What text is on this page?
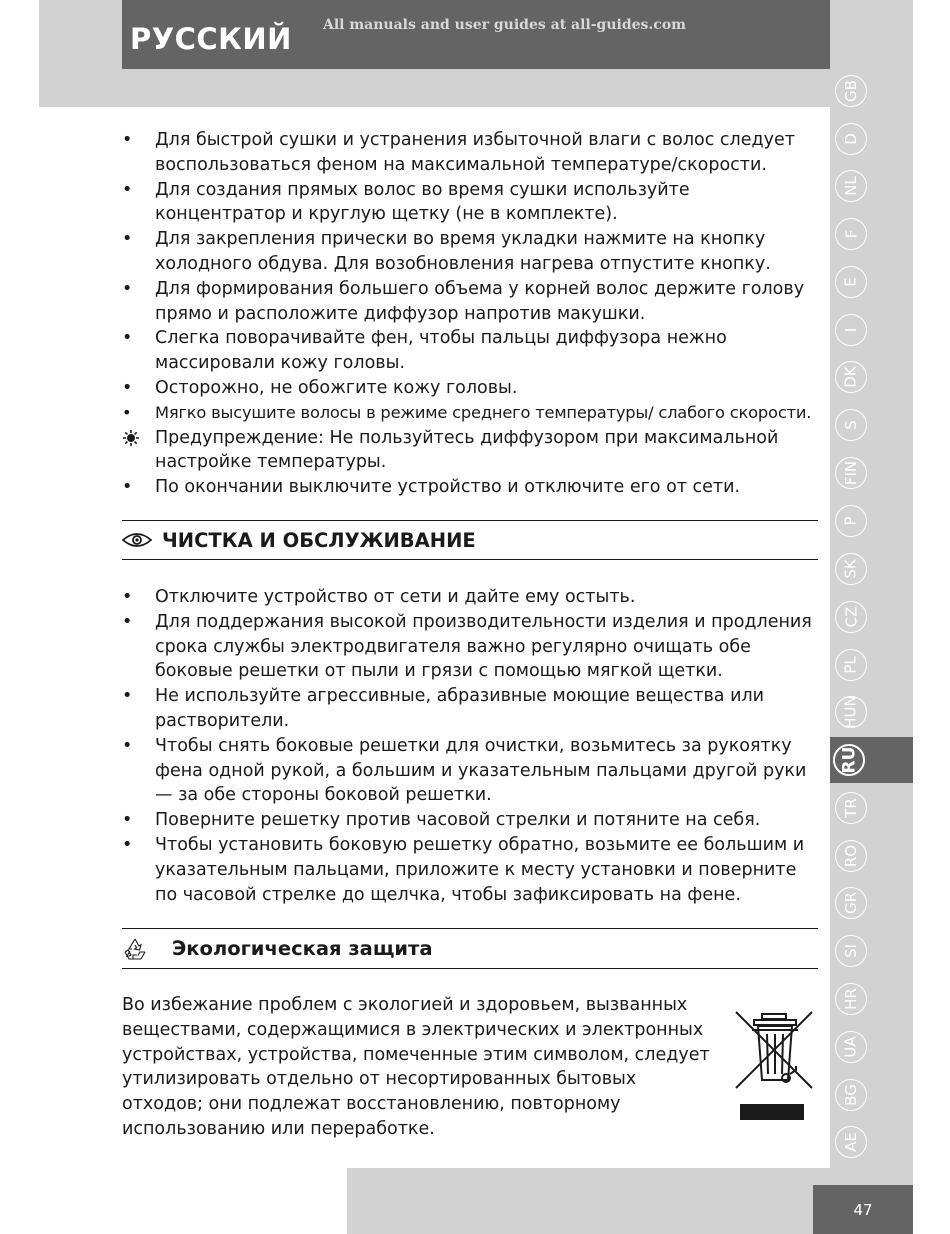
РУССКИЙ All manuals and user guides at all-guides.com
GB
D
NL
F
E
I
DK
S
FIN
P
SK
CZ
PL
HUN
RU
TR
RO
GR
SI
HR
UA
BG
AE
• Для быстрой сушки и устранения избыточной влаги с волос следует воспользоваться феном на максимальной температуре/скорости.
• Для создания прямых волос во время сушки используйте концентратор и круглую щетку (не в комплекте).
• Для закрепления прически во время укладки нажмите на кнопку холодного обдува. Для возобновления нагрева отпустите кнопку.
• Для формирования большего объема у корней волос держите голову прямо и расположите диффузор напротив макушки.
• Слегка поворачивайте фен, чтобы пальцы диффузора нежно массировали кожу головы.
• Осторожно, не обожгите кожу головы.
• Мягко высушите волосы в режиме среднего температуры/ слабого скорости.
Предупреждение: Не пользуйтесь диффузором при максимальной настройке температуры.
• По окончании выключите устройство и отключите его от сети.
ЧИСТКА И ОБСЛУЖИВАНИЕ
• Отключите устройство от сети и дайте ему остыть.
• Для поддержания высокой производительности изделия и продления срока службы электродвигателя важно регулярно очищать обе боковые решетки от пыли и грязи с помощью мягкой щетки.
• Не используйте агрессивные, абразивные моющие вещества или растворители.
• Чтобы снять боковые решетки для очистки, возьмитесь за рукоятку фена одной рукой, а большим и указательным пальцами другой руки — за обе стороны боковой решетки.
• Поверните решетку против часовой стрелки и потяните на себя.
• Чтобы установить боковую решетку обратно, возьмите ее большим и указательным пальцами, приложите к месту установки и поверните по часовой стрелке до щелчка, чтобы зафиксировать на фене.
Экологическая защита
Во избежание проблем с экологией и здоровьем, вызванных веществами, содержащимися в электрических и электронных устройствах, устройства, помеченные этим символом, следует утилизировать отдельно от несортированных бытовых отходов; они подлежат восстановлению, повторному использованию или переработке.
47
